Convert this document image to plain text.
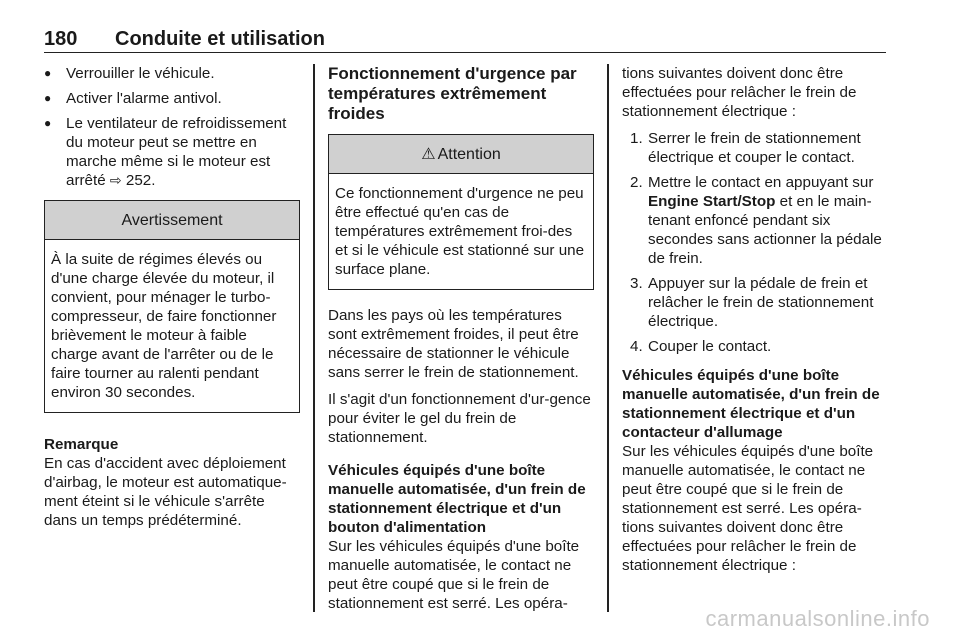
180 Conduite et utilisation
● Verrouiller le véhicule.
● Activer l'alarme antivol.
● Le ventilateur de refroidissement du moteur peut se mettre en marche même si le moteur est arrêté ⇨ 252.
Avertissement
À la suite de régimes élevés ou d'une charge élevée du moteur, il convient, pour ménager le turbo-compresseur, de faire fonctionner brièvement le moteur à faible charge avant de l'arrêter ou de le faire tourner au ralenti pendant environ 30 secondes.
Remarque
En cas d'accident avec déploiement d'airbag, le moteur est automatique-ment éteint si le véhicule s'arrête dans un temps prédéterminé.
Fonctionnement d'urgence par températures extrêmement froides
⚠ Attention
Ce fonctionnement d'urgence ne peu être effectué qu'en cas de températures extrêmement froi-des et si le véhicule est stationné sur une surface plane.

Dans les pays où les températures sont extrêmement froides, il peut être nécessaire de stationner le véhicule sans serrer le frein de stationnement.

Il s'agit d'un fonctionnement d'ur-gence pour éviter le gel du frein de stationnement.

Véhicules équipés d'une boîte manuelle automatisée, d'un frein de stationnement électrique et d'un bouton d'alimentation

Sur les véhicules équipés d'une boîte manuelle automatisée, le contact ne peut être coupé que si le frein de stationnement est serré. Les opéra-

tions suivantes doivent donc être effectuées pour relâcher le frein de stationnement électrique :

1. Serrer le frein de stationnement électrique et couper le contact.
2. Mettre le contact en appuyant sur Engine Start/Stop et en le main-tenant enfoncé pendant six secondes sans actionner la pédale de frein.
3. Appuyer sur la pédale de frein et relâcher le frein de stationnement électrique.
4. Couper le contact.
Véhicules équipés d'une boîte manuelle automatisée, d'un frein de stationnement électrique et d'un contacteur d'allumage

Sur les véhicules équipés d'une boîte manuelle automatisée, le contact ne peut être coupé que si le frein de stationnement est serré. Les opéra-tions suivantes doivent donc être effectuées pour relâcher le frein de stationnement électrique :

carmanualsonline.info
